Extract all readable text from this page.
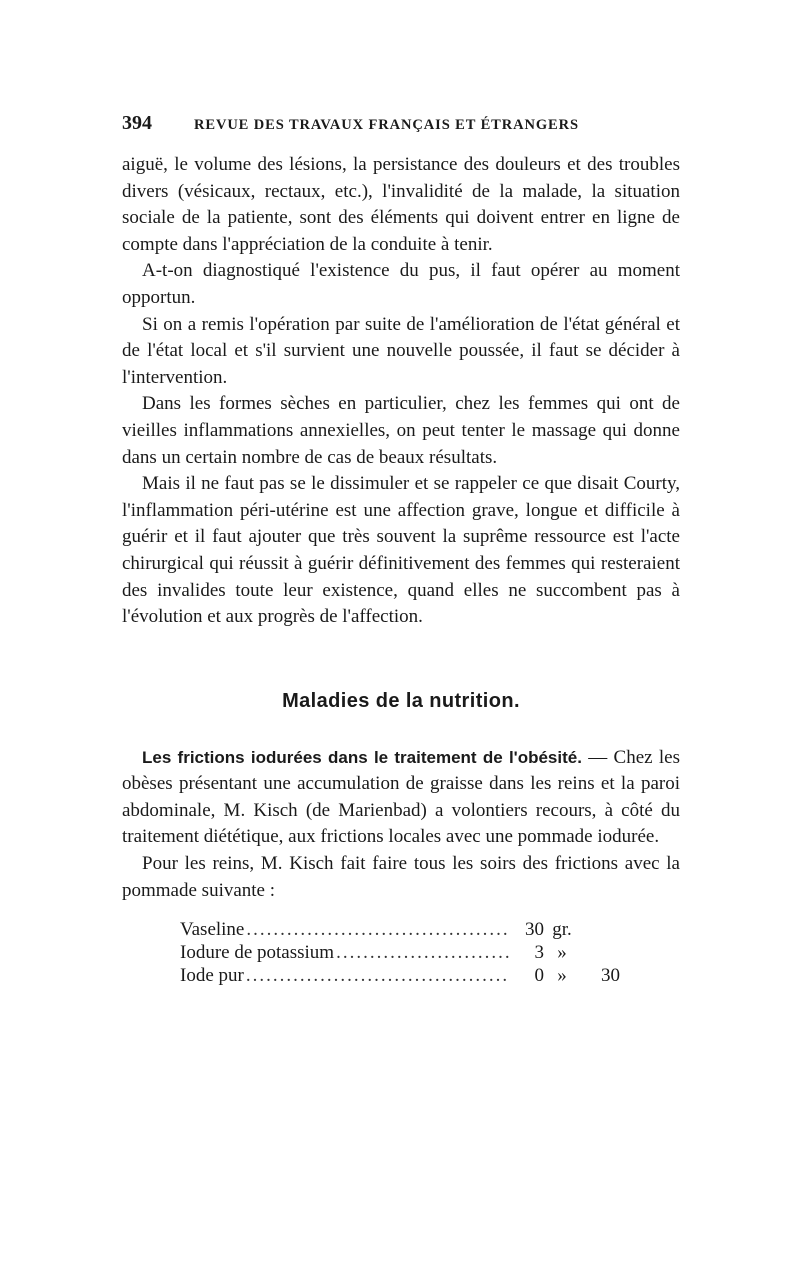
394	REVUE DES TRAVAUX FRANÇAIS ET ÉTRANGERS

aiguë, le volume des lésions, la persistance des douleurs et des troubles divers (vésicaux, rectaux, etc.), l'invalidité de la malade, la situation sociale de la patiente, sont des éléments qui doivent entrer en ligne de compte dans l'appréciation de la conduite à tenir.

A-t-on diagnostiqué l'existence du pus, il faut opérer au moment opportun.

Si on a remis l'opération par suite de l'amélioration de l'état général et de l'état local et s'il survient une nouvelle poussée, il faut se décider à l'intervention.

Dans les formes sèches en particulier, chez les femmes qui ont de vieilles inflammations annexielles, on peut tenter le massage qui donne dans un certain nombre de cas de beaux résultats.

Mais il ne faut pas se le dissimuler et se rappeler ce que disait Courty, l'inflammation péri-utérine est une affection grave, longue et difficile à guérir et il faut ajouter que très souvent la suprême ressource est l'acte chirurgical qui réussit à guérir définitivement des femmes qui resteraient des invalides toute leur existence, quand elles ne succombent pas à l'évolution et aux progrès de l'affection.

Maladies de la nutrition.

Les frictions iodurées dans le traitement de l'obésité. — Chez les obèses présentant une accumulation de graisse dans les reins et la paroi abdominale, M. Kisch (de Marienbad) a volontiers recours, à côté du traitement diététique, aux frictions locales avec une pommade iodurée.

Pour les reins, M. Kisch fait faire tous les soirs des frictions avec la pommade suivante :

Vaseline .....	30 gr.
Iodure de potassium .....	3 »
Iode pur .....	0 »	30
